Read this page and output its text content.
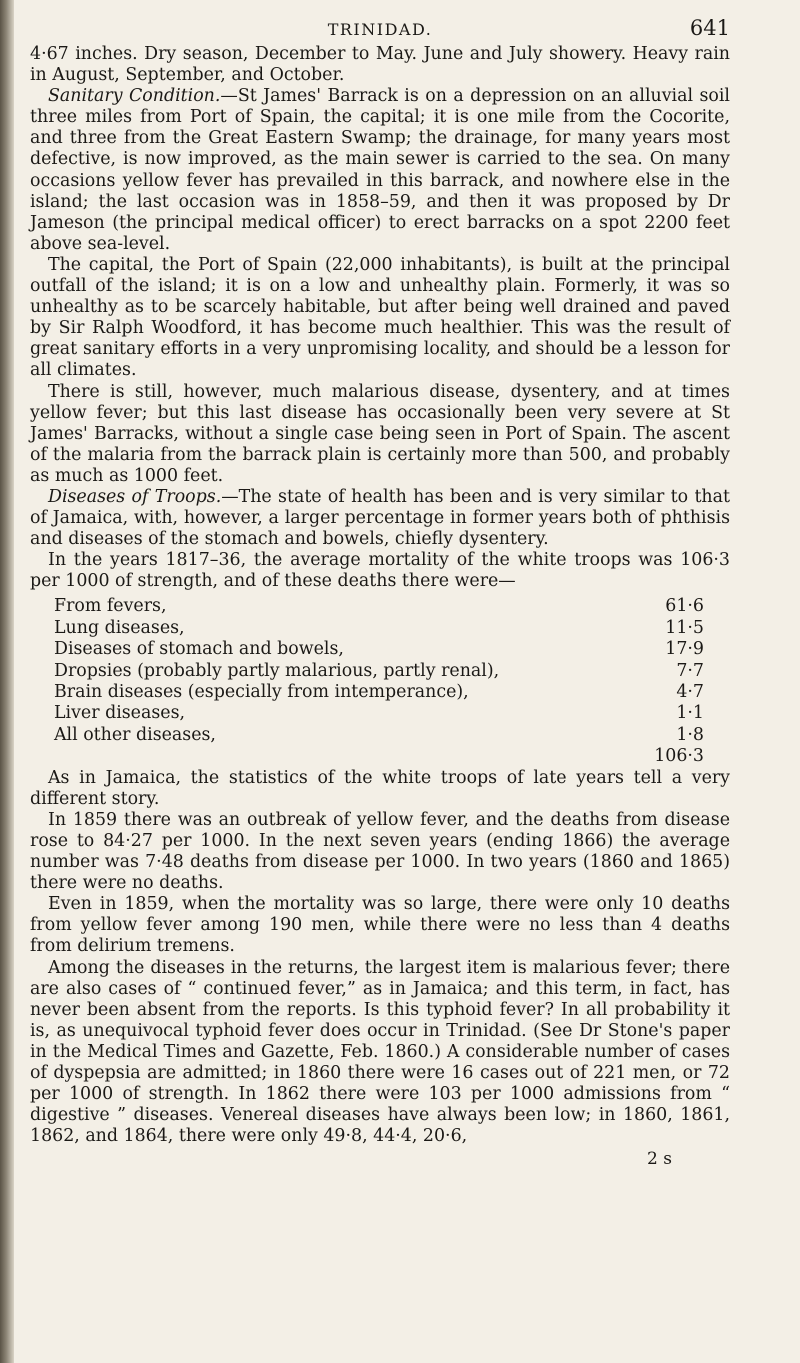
TRINIDAD.	641

4·67 inches. Dry season, December to May. June and July showery. Heavy rain in August, September, and October.

Sanitary Condition.—St James' Barrack is on a depression on an alluvial soil three miles from Port of Spain, the capital; it is one mile from the Cocorite, and three from the Great Eastern Swamp; the drainage, for many years most defective, is now improved, as the main sewer is carried to the sea. On many occasions yellow fever has prevailed in this barrack, and nowhere else in the island; the last occasion was in 1858–59, and then it was proposed by Dr Jameson (the principal medical officer) to erect barracks on a spot 2200 feet above sea-level.

The capital, the Port of Spain (22,000 inhabitants), is built at the principal outfall of the island; it is on a low and unhealthy plain. Formerly, it was so unhealthy as to be scarcely habitable, but after being well drained and paved by Sir Ralph Woodford, it has become much healthier. This was the result of great sanitary efforts in a very unpromising locality, and should be a lesson for all climates.

There is still, however, much malarious disease, dysentery, and at times yellow fever; but this last disease has occasionally been very severe at St James' Barracks, without a single case being seen in Port of Spain. The ascent of the malaria from the barrack plain is certainly more than 500, and probably as much as 1000 feet.

Diseases of Troops.—The state of health has been and is very similar to that of Jamaica, with, however, a larger percentage in former years both of phthisis and diseases of the stomach and bowels, chiefly dysentery.

In the years 1817–36, the average mortality of the white troops was 106·3 per 1000 of strength, and of these deaths there were—

From fevers,	61·6
Lung diseases,	11·5
Diseases of stomach and bowels,	17·9
Dropsies (probably partly malarious, partly renal),	7·7
Brain diseases (especially from intemperance),	4·7
Liver diseases,	1·1
All other diseases,	1·8
	106·3

As in Jamaica, the statistics of the white troops of late years tell a very different story.

In 1859 there was an outbreak of yellow fever, and the deaths from disease rose to 84·27 per 1000. In the next seven years (ending 1866) the average number was 7·48 deaths from disease per 1000. In two years (1860 and 1865) there were no deaths.

Even in 1859, when the mortality was so large, there were only 10 deaths from yellow fever among 190 men, while there were no less than 4 deaths from delirium tremens.

Among the diseases in the returns, the largest item is malarious fever; there are also cases of “ continued fever,” as in Jamaica; and this term, in fact, has never been absent from the reports. Is this typhoid fever? In all probability it is, as unequivocal typhoid fever does occur in Trinidad. (See Dr Stone's paper in the Medical Times and Gazette, Feb. 1860.) A considerable number of cases of dyspepsia are admitted; in 1860 there were 16 cases out of 221 men, or 72 per 1000 of strength. In 1862 there were 103 per 1000 admissions from “ digestive ” diseases. Venereal diseases have always been low; in 1860, 1861, 1862, and 1864, there were only 49·8, 44·4, 20·6,

2 s
